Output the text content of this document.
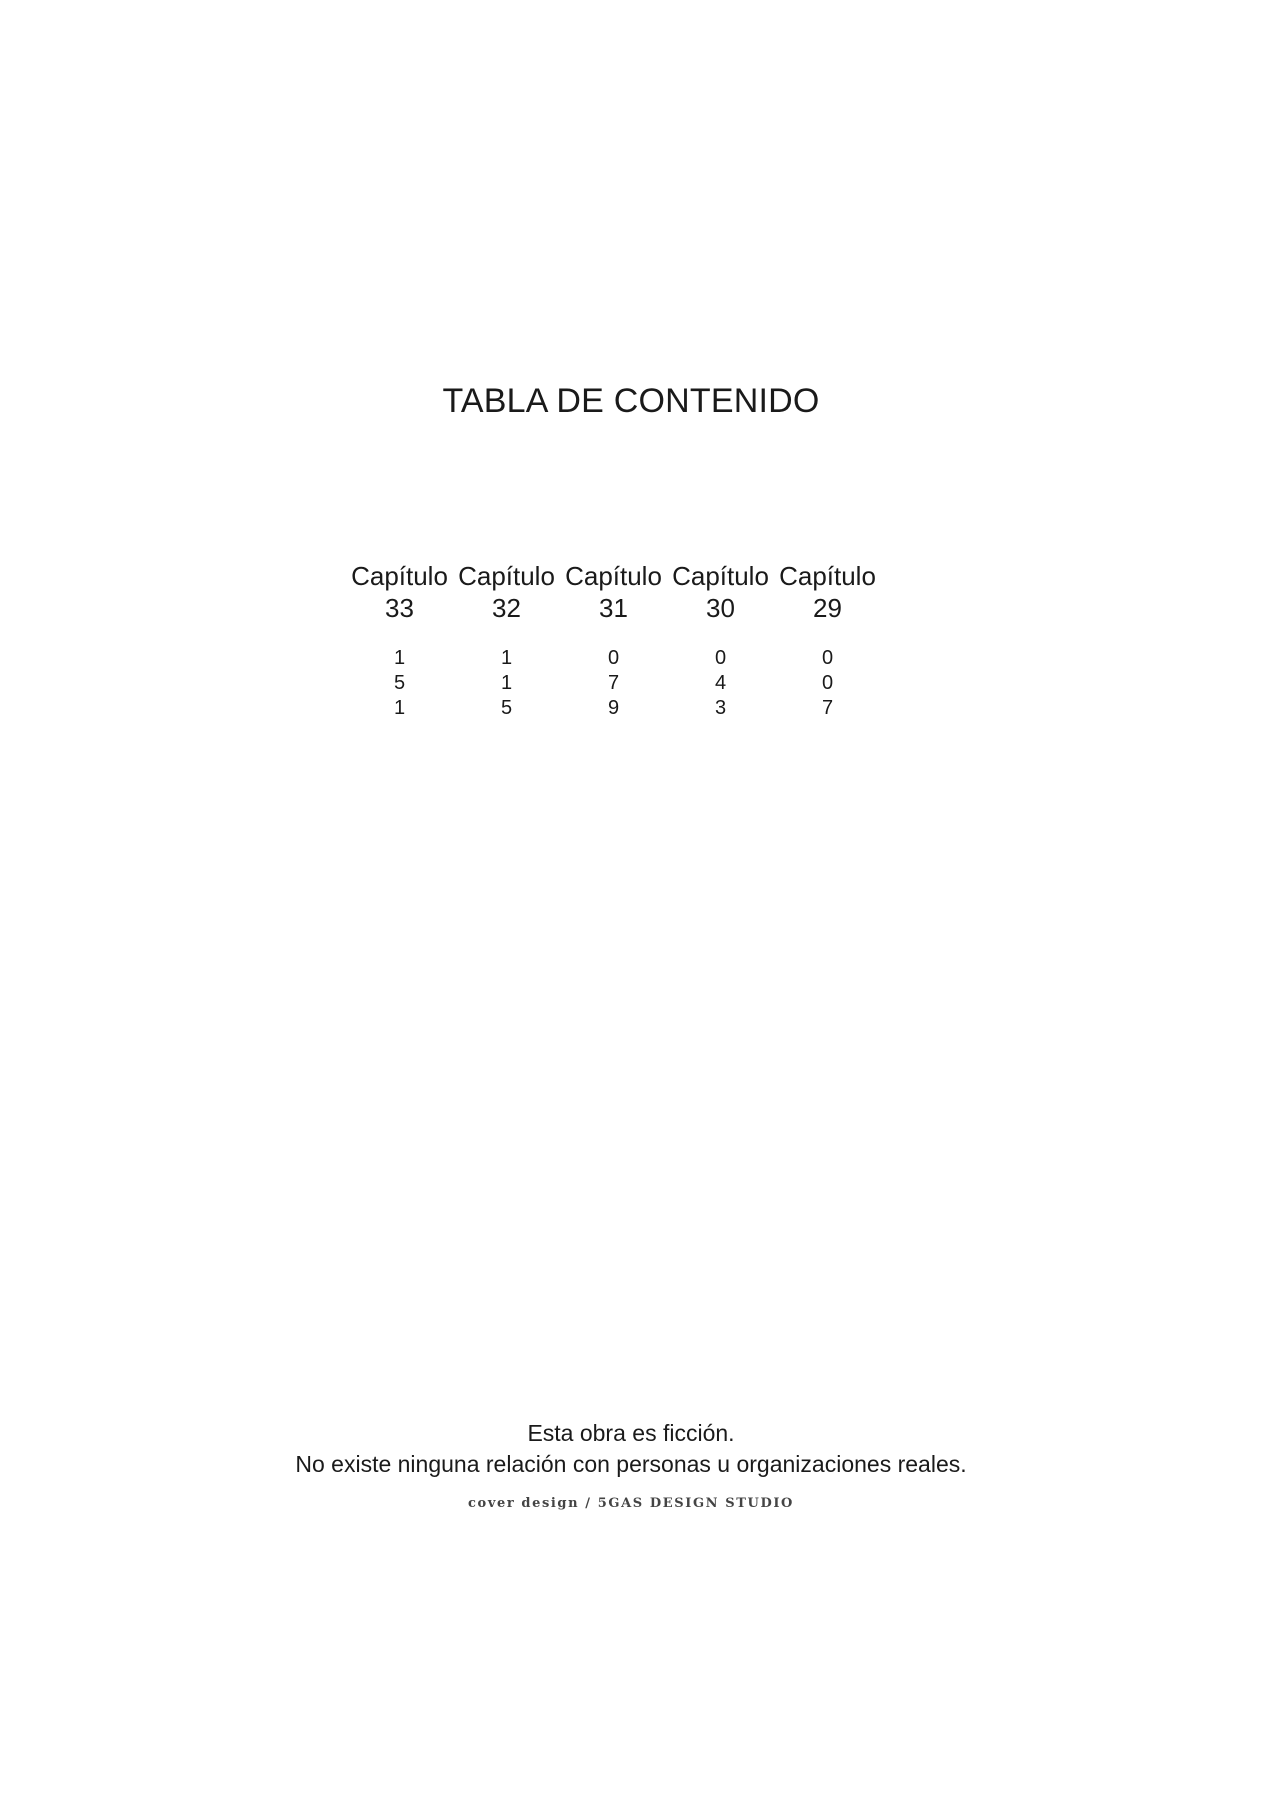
TABLA DE CONTENIDO
Capítulo
33
1
5
1
Capítulo
32
1
1
5
Capítulo
31
0
7
9
Capítulo
30
0
4
3
Capítulo
29
0
0
7
Esta obra es ficción.
No existe ninguna relación con personas u organizaciones reales.
cover design / 5GAS DESIGN STUDIO
